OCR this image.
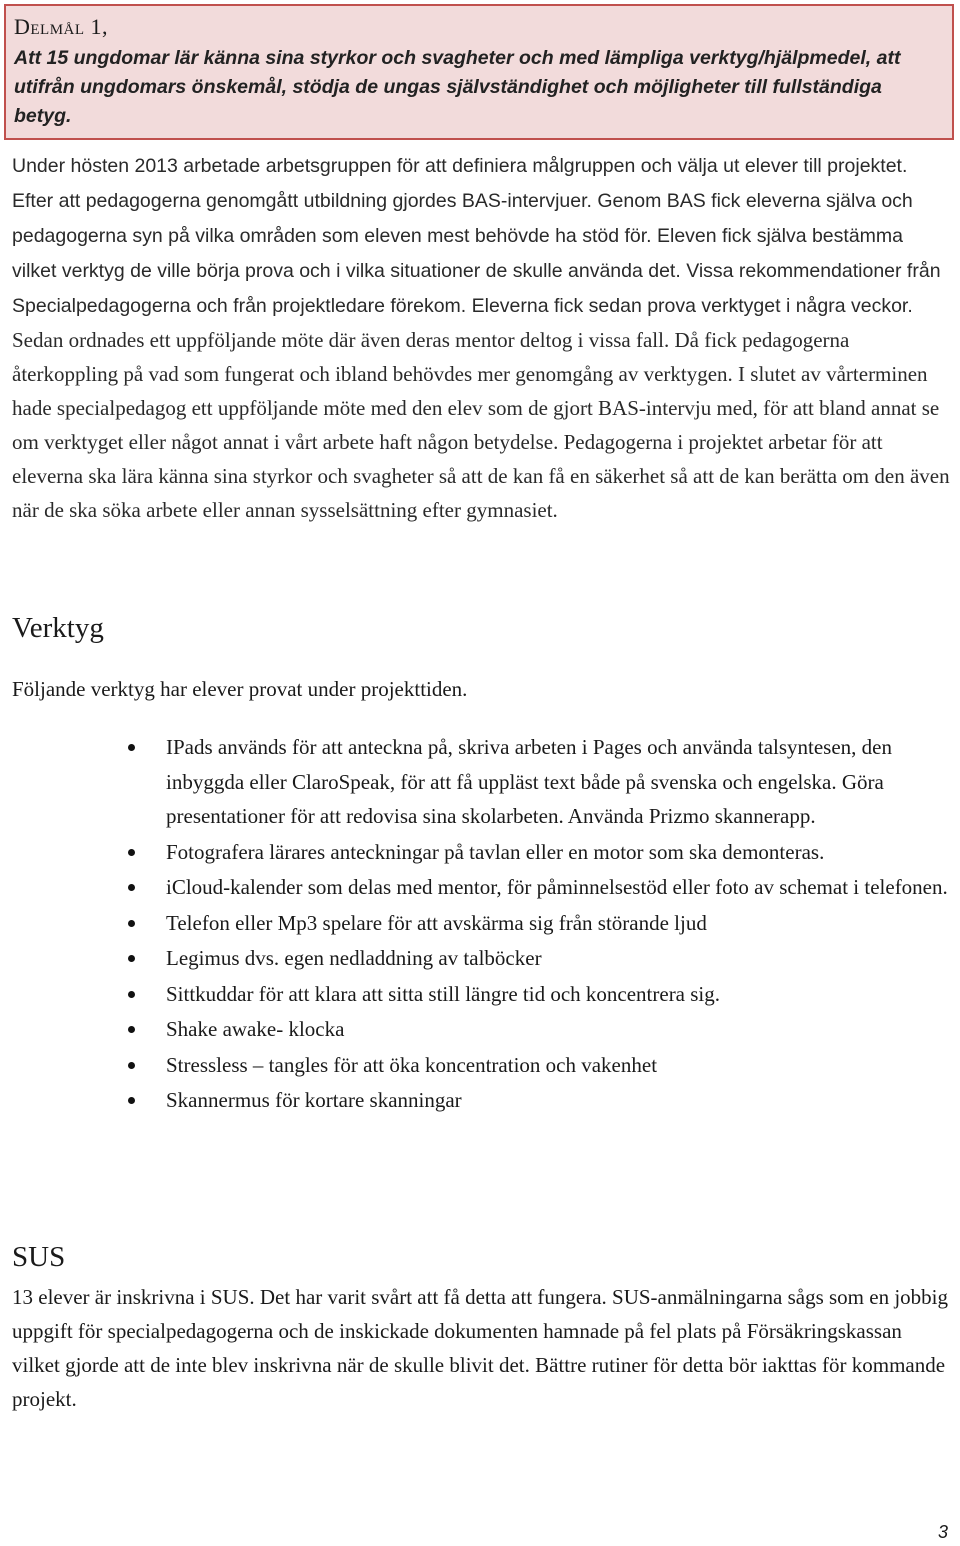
Delmål 1,
Att 15 ungdomar lär känna sina styrkor och svagheter och med lämpliga verktyg/hjälpmedel, att utifrån ungdomars önskemål, stödja de ungas självständighet och möjligheter till fullständiga betyg.
Under hösten 2013 arbetade arbetsgruppen för att definiera målgruppen och välja ut elever till projektet. Efter att pedagogerna genomgått utbildning gjordes BAS-intervjuer. Genom BAS fick eleverna själva och pedagogerna syn på vilka områden som eleven mest behövde ha stöd för. Eleven fick själva bestämma vilket verktyg de ville börja prova och i vilka situationer de skulle använda det. Vissa rekommendationer från Specialpedagogerna och från projektledare förekom. Eleverna fick sedan prova verktyget i några veckor. Sedan ordnades ett uppföljande möte där även deras mentor deltog i vissa fall. Då fick pedagogerna återkoppling på vad som fungerat och ibland behövdes mer genomgång av verktygen. I slutet av vårterminen hade specialpedagog ett uppföljande möte med den elev som de gjort BAS-intervju med, för att bland annat se om verktyget eller något annat i vårt arbete haft någon betydelse. Pedagogerna i projektet arbetar för att eleverna ska lära känna sina styrkor och svagheter så att de kan få en säkerhet så att de kan berätta om den även när de ska söka arbete eller annan sysselsättning efter gymnasiet.
Verktyg
Följande verktyg har elever provat under projekttiden.
IPads används för att anteckna på, skriva arbeten i Pages och använda talsyntesen, den inbyggda eller ClaroSpeak, för att få uppläst text både på svenska och engelska. Göra presentationer för att redovisa sina skolarbeten. Använda Prizmo skannerapp.
Fotografera lärares anteckningar på tavlan eller en motor som ska demonteras.
iCloud-kalender som delas med mentor, för påminnelsestöd eller foto av schemat i telefonen.
Telefon eller Mp3 spelare för att avskärma sig från störande ljud
Legimus dvs. egen nedladdning av talböcker
Sittkuddar för att klara att sitta still längre tid och koncentrera sig.
Shake awake- klocka
Stressless – tangles för att öka koncentration och vakenhet
Skannermus för kortare skanningar
SUS
13 elever är inskrivna i SUS. Det har varit svårt att få detta att fungera. SUS-anmälningarna sågs som en jobbig uppgift för specialpedagogerna och de inskickade dokumenten hamnade på fel plats på Försäkringskassan vilket gjorde att de inte blev inskrivna när de skulle blivit det. Bättre rutiner för detta bör iakttas för kommande projekt.
3
